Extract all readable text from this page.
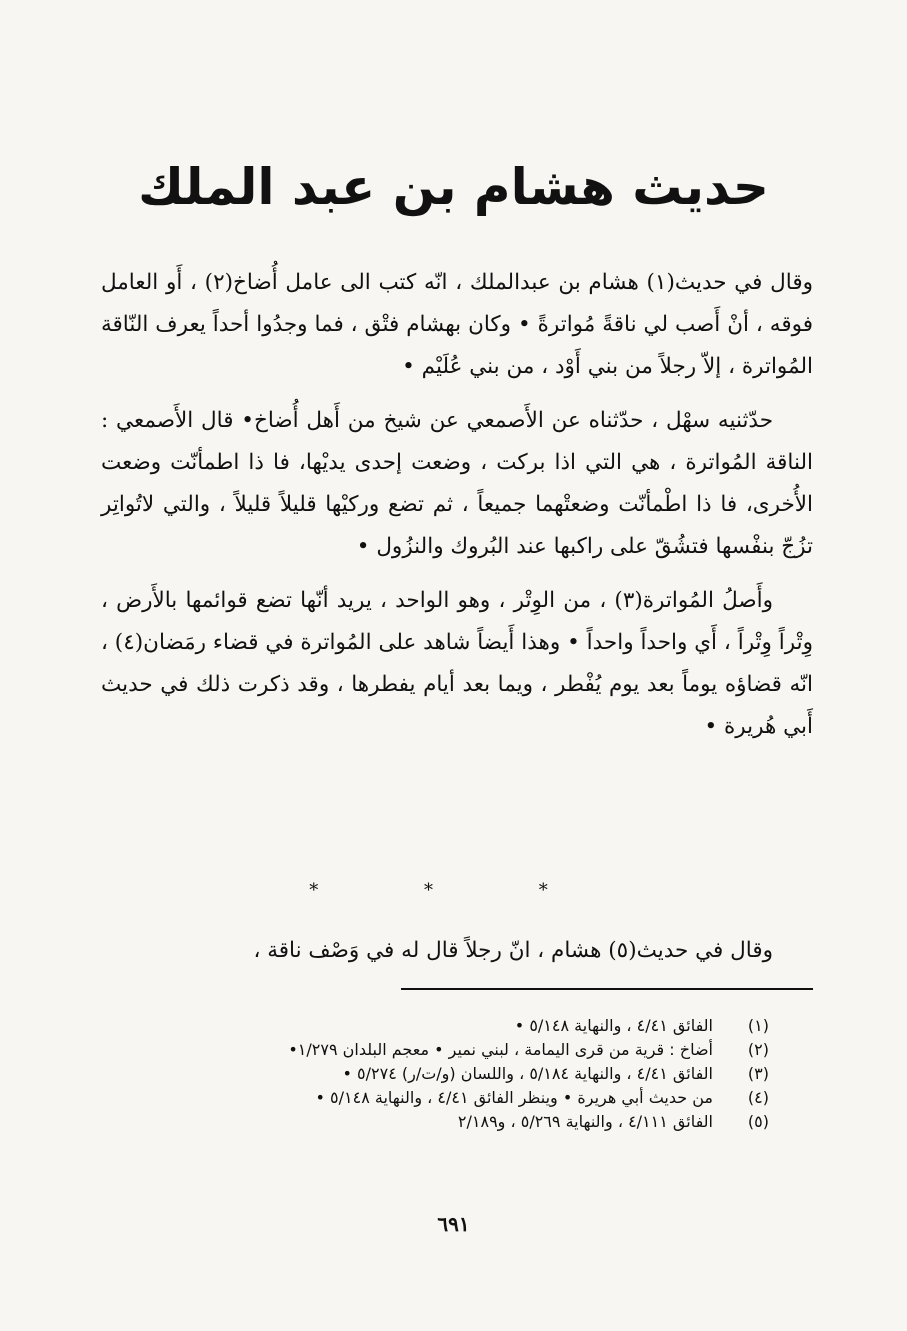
حديث هشام بن عبد الملك

وقال في حديث(١) هشام بن عبدالملك ، انّه كتب الى عامل أُضاخ(٢) ، أَو العامل فوقه ، أنْ أَصب لي ناقةً مُواترةً • وكان بهشام فتْق ، فما وجدُوا أحداً يعرف النّاقة المُواترة ، إلاّ رجلاً من بني أَوْد ، من بني عُلَيْم •

حدّثنيه سهْل ، حدّثناه عن الأَصمعي عن شيخ من أَهل أُضاخ• قال الأَصمعي : الناقة المُواترة ، هي التي اذا بركت ، وضعت إحدى يديْها، فا ذا اطمأنّت وضعت الأُخرى، فا ذا اطْمأنّت وضعتْهما جميعاً ، ثم تضع وركيْها قليلاً قليلاً ، والتي لاتُواتِر تزُجّ بنفْسها فتشُقّ على راكبها عند البُروك والنزُول •

وأَصلُ المُواترة(٣) ، من الوِتْر ، وهو الواحد ، يريد أنّها تضع قوائمها بالأَرض ، وِتْراً وِتْراً ، أَي واحداً واحداً • وهذا أَيضاً شاهد على المُواترة في قضاء رمَضان(٤) ، انّه قضاؤه يوماً بعد يوم يُفْطر ، ويما بعد أيام يفطرها ، وقد ذكرت ذلك في حديث أَبي هُريرة •

* * *
وقال في حديث(٥) هشام ، انّ رجلاً قال له في وَصْف ناقة ،
(١)
الفائق ٤/٤١ ، والنهاية ٥/١٤٨ •
(٢)
أضاخ : قرية من قرى اليمامة ، لبني نمير • معجم البلدان ١/٢٧٩•
(٣)
الفائق ٤/٤١ ، والنهاية ٥/١٨٤ ، واللسان (و/ت/ر) ٥/٢٧٤ •
(٤)
من حديث أبي هريرة • وينظر الفائق ٤/٤١ ، والنهاية ٥/١٤٨ •
(٥)
الفائق ٤/١١١ ، والنهاية ٥/٢٦٩ ، و٢/١٨٩
٦٩١
